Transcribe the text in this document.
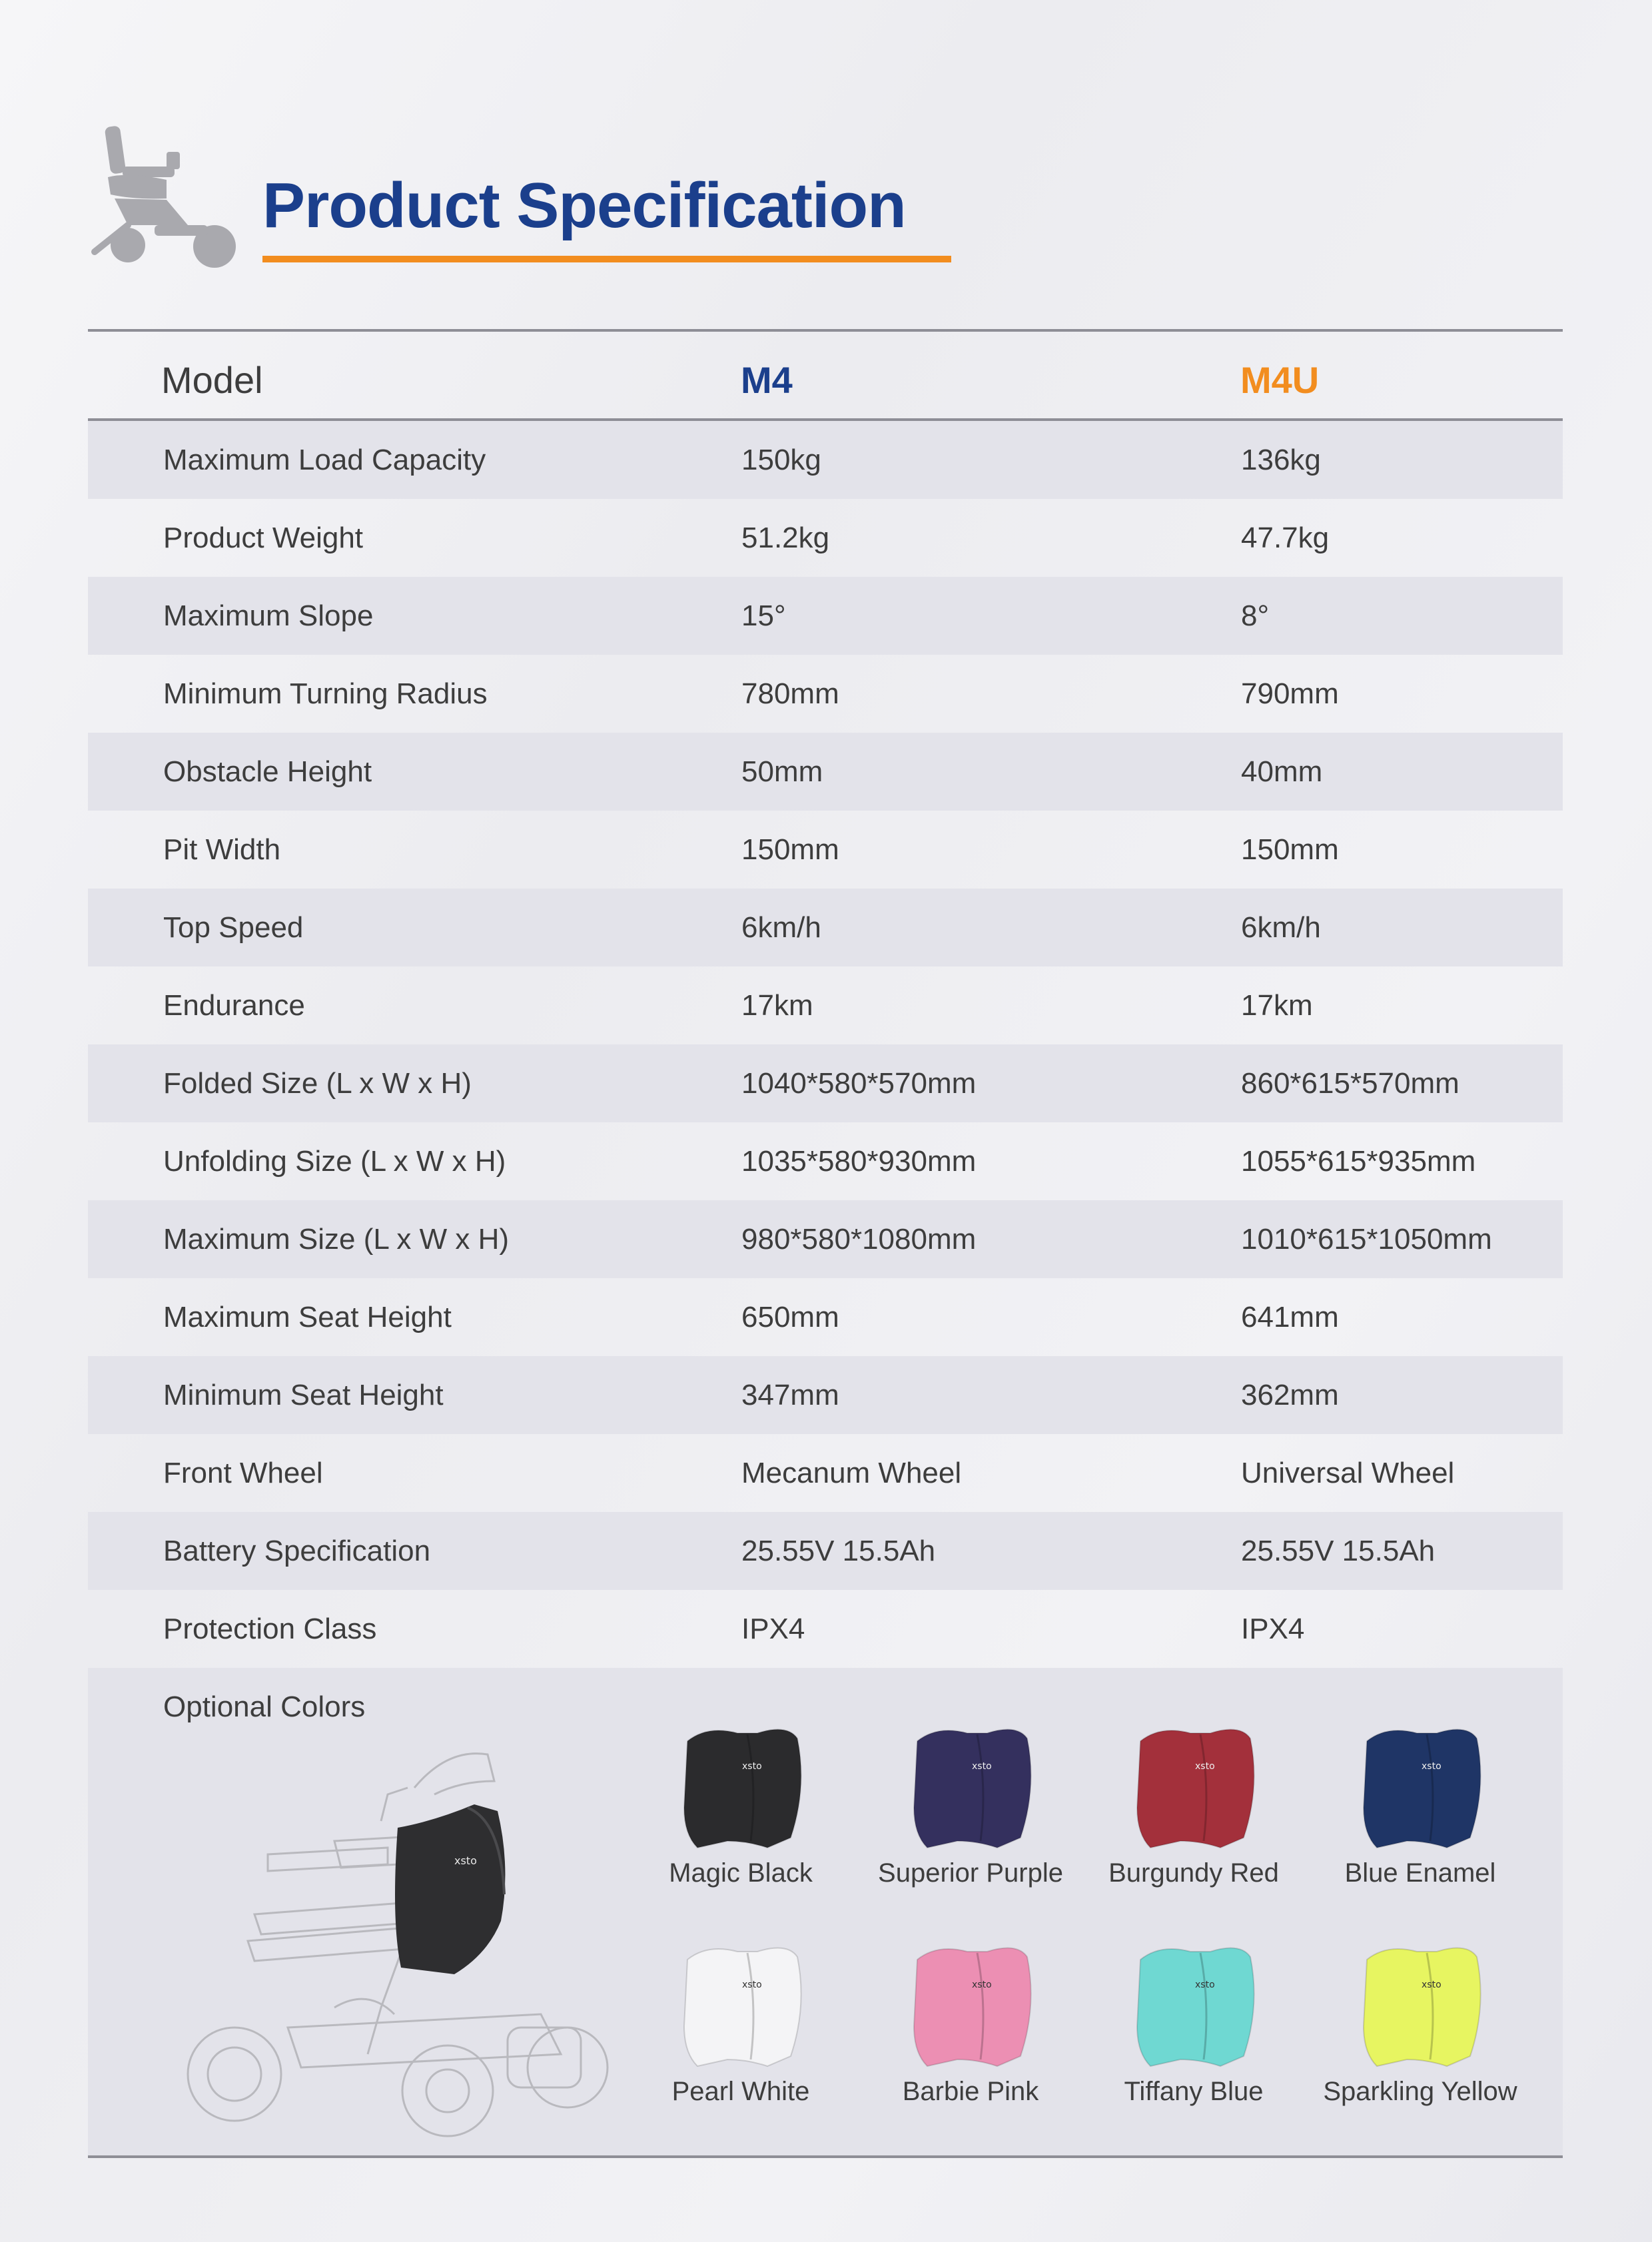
Product Specification
Model	M4	M4U
Maximum Load Capacity	150kg	136kg
Product Weight	51.2kg	47.7kg
Maximum Slope	15°	8°
Minimum Turning Radius	780mm	790mm
Obstacle Height	50mm	40mm
Pit Width	150mm	150mm
Top Speed	6km/h	6km/h
Endurance	17km	17km
Folded Size (L x W x H)	1040*580*570mm	860*615*570mm
Unfolding Size (L x W x H)	1035*580*930mm	1055*615*935mm
Maximum Size (L x W x H)	980*580*1080mm	1010*615*1050mm
Maximum Seat Height	650mm	641mm
Minimum Seat Height	347mm	362mm
Front Wheel	Mecanum Wheel	Universal Wheel
Battery Specification	25.55V 15.5Ah	25.55V 15.5Ah
Protection Class	IPX4	IPX4
Optional Colors
xsto
xsto
Magic Black
xsto
Superior Purple
xsto
Burgundy Red
xsto
Blue Enamel
xsto
Pearl White
xsto
Barbie Pink
xsto
Tiffany Blue
xsto
Sparkling Yellow
